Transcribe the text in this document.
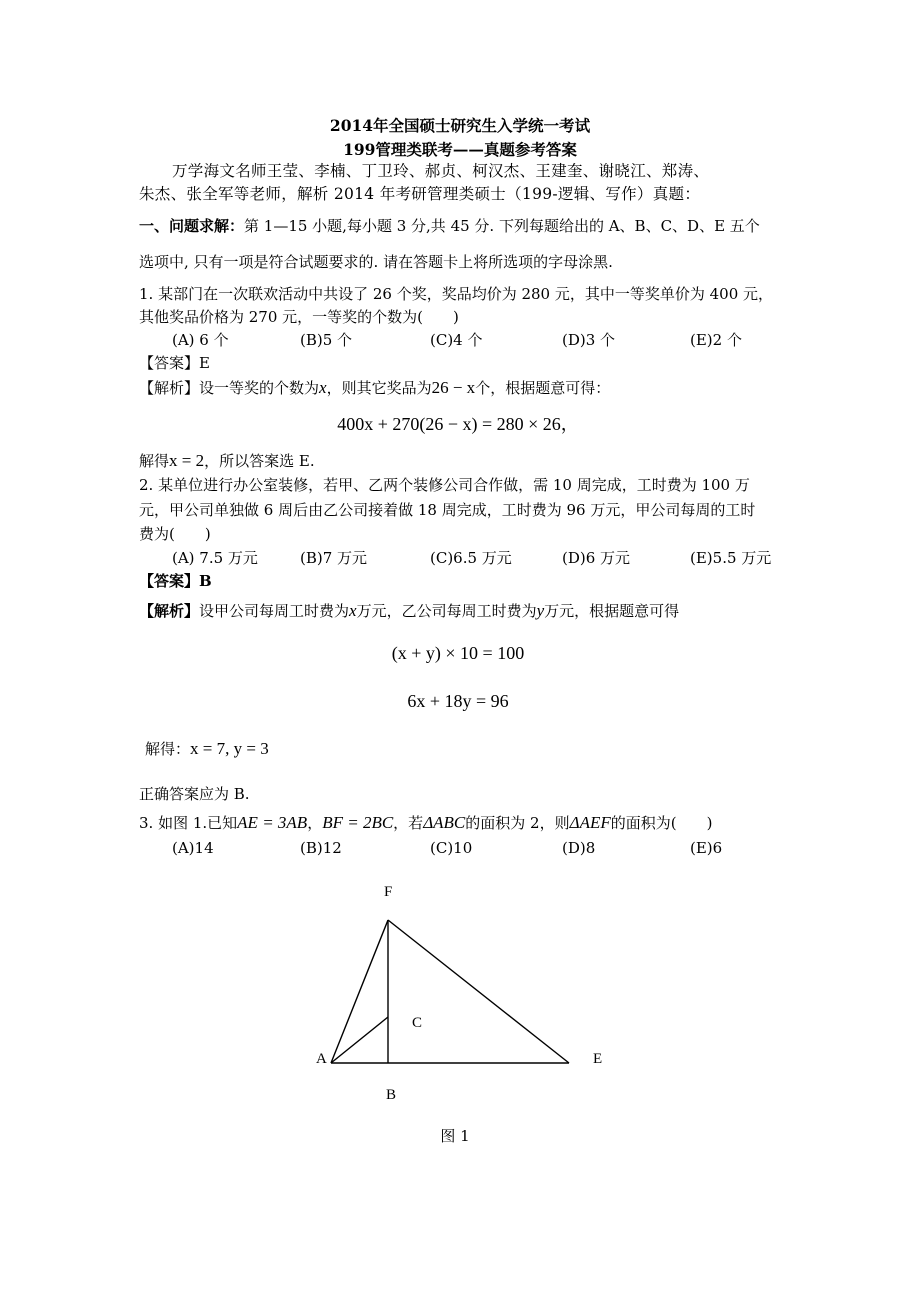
2014年全国硕士研究生入学统一考试
199管理类联考——真题参考答案
万学海文名师王莹、李楠、丁卫玲、郝贞、柯汉杰、王建奎、谢晓江、郑涛、
朱杰、张全军等老师，解析 2014 年考研管理类硕士（199-逻辑、写作）真题：
一、问题求解：第 1—15 小题,每小题 3 分,共 45 分. 下列每题给出的 A、B、C、D、E 五个
选项中, 只有一项是符合试题要求的. 请在答题卡上将所选项的字母涂黑.
1. 某部门在一次联欢活动中共设了 26 个奖，奖品均价为 280 元，其中一等奖单价为 400 元，
其他奖品价格为 270 元，一等奖的个数为(　　)
(A) 6 个	(B)5 个	(C)4 个	(D)3 个	(E)2 个
【答案】E
【解析】设一等奖的个数为x，则其它奖品为26 − x个，根据题意可得：
400x + 270(26 − x) = 280 × 26，
解得x = 2，所以答案选 E.
2. 某单位进行办公室装修，若甲、乙两个装修公司合作做，需 10 周完成，工时费为 100 万
元，甲公司单独做 6 周后由乙公司接着做 18 周完成，工时费为 96 万元，甲公司每周的工时
费为(　　)
(A) 7.5 万元	(B)7 万元	(C)6.5 万元	(D)6 万元	(E)5.5 万元
【答案】B
【解析】设甲公司每周工时费为x万元，乙公司每周工时费为y万元，根据题意可得
(x + y) × 10 = 100
6x + 18y = 96
解得：x = 7, y = 3
正确答案应为 B.
3. 如图 1.已知AE = 3AB，BF = 2BC，若ΔABC的面积为 2，则ΔAEF的面积为(　　)
(A)14	(B)12	(C)10	(D)8	(E)6
F
C
A	E
B
图 1
